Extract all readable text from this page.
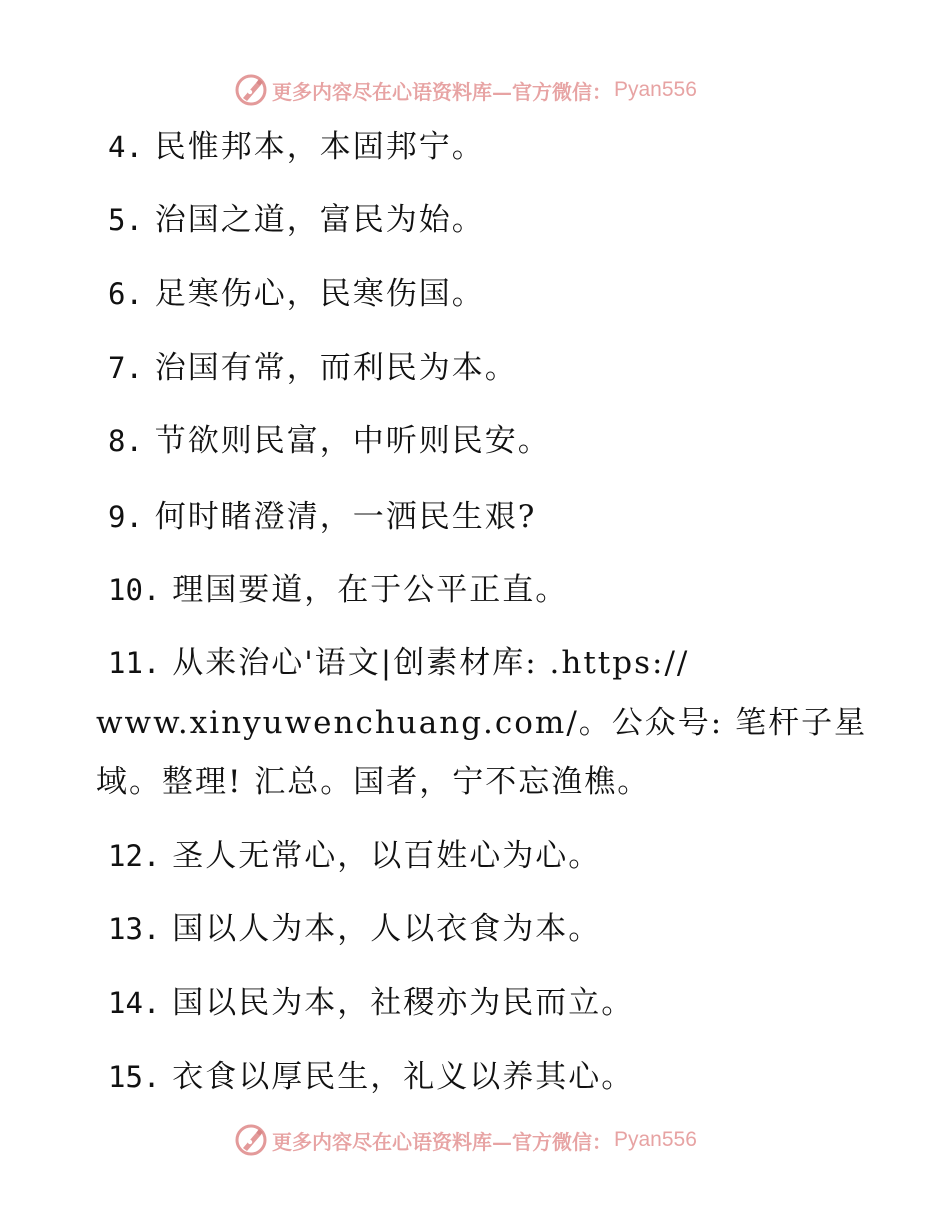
更多内容尽在心语资料库—官方微信： Pyan556
4. 民惟邦本，本固邦宁。
5. 治国之道，富民为始。
6. 足寒伤心，民寒伤国。
7. 治国有常，而利民为本。
8. 节欲则民富，中听则民安。
9. 何时睹澄清，一洒民生艰?
10. 理国要道，在于公平正直。
11. 从来治心'语文|创素材库: .https://
www.xinyuwenchuang.com/。公众号: 笔杆子星
域。整理! 汇总。国者，宁不忘渔樵。
12. 圣人无常心，以百姓心为心。
13. 国以人为本，人以衣食为本。
14. 国以民为本，社稷亦为民而立。
15. 衣食以厚民生，礼义以养其心。
更多内容尽在心语资料库—官方微信： Pyan556
